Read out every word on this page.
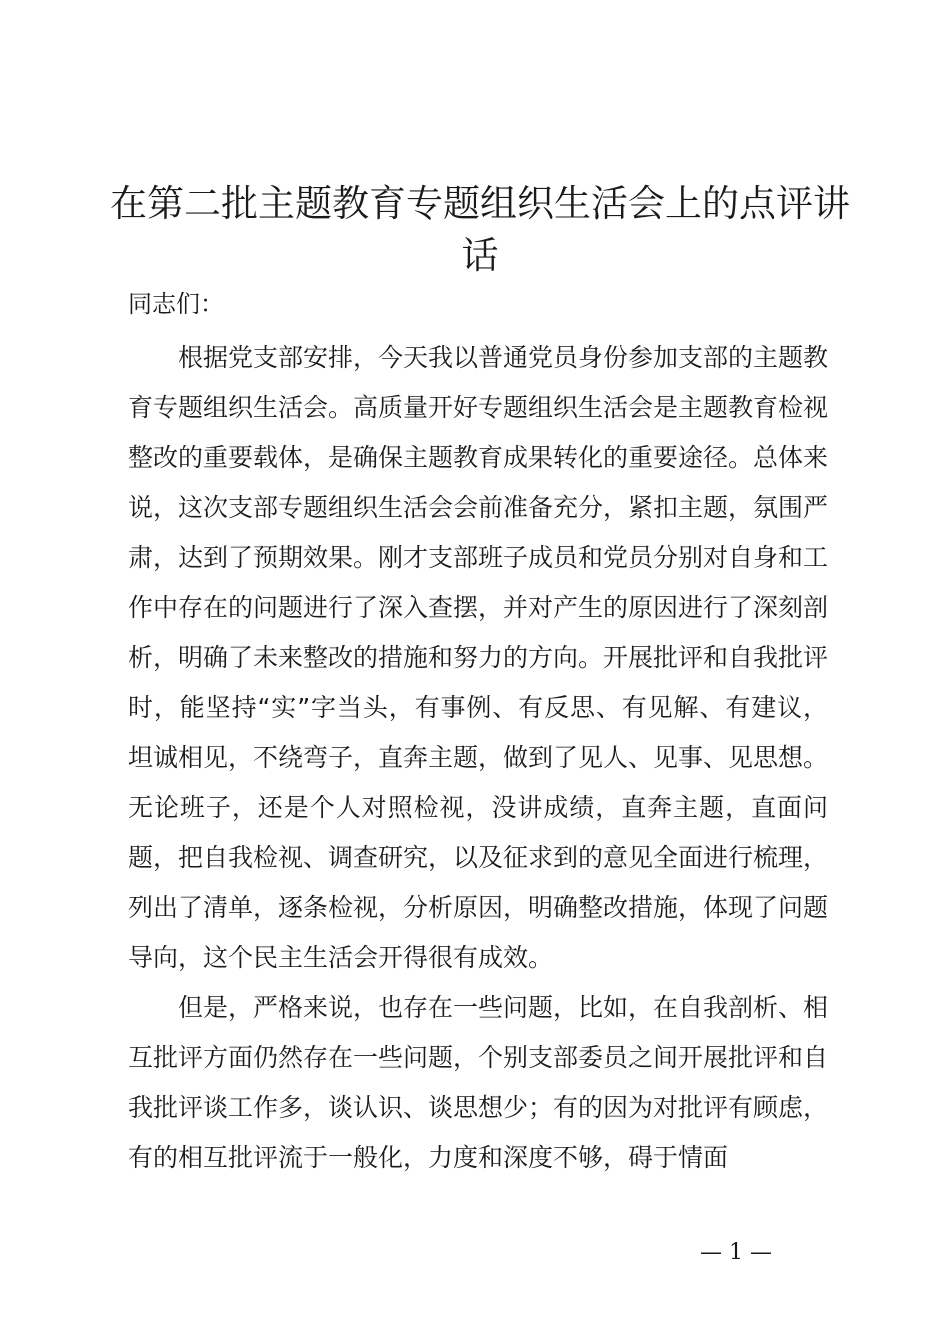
在第二批主题教育专题组织生活会上的点评讲话

同志们：

根据党支部安排，今天我以普通党员身份参加支部的主题教育专题组织生活会。高质量开好专题组织生活会是主题教育检视整改的重要载体，是确保主题教育成果转化的重要途径。总体来说，这次支部专题组织生活会会前准备充分，紧扣主题，氛围严肃，达到了预期效果。刚才支部班子成员和党员分别对自身和工作中存在的问题进行了深入查摆，并对产生的原因进行了深刻剖析，明确了未来整改的措施和努力的方向。开展批评和自我批评时，能坚持“实”字当头，有事例、有反思、有见解、有建议，坦诚相见，不绕弯子，直奔主题，做到了见人、见事、见思想。无论班子，还是个人对照检视，没讲成绩，直奔主题，直面问题，把自我检视、调查研究，以及征求到的意见全面进行梳理，列出了清单，逐条检视，分析原因，明确整改措施，体现了问题导向，这个民主生活会开得很有成效。

但是，严格来说，也存在一些问题，比如，在自我剖析、相互批评方面仍然存在一些问题，个别支部委员之间开展批评和自我批评谈工作多，谈认识、谈思想少；有的因为对批评有顾虑，有的相互批评流于一般化，力度和深度不够，碍于情面

— 1 —
